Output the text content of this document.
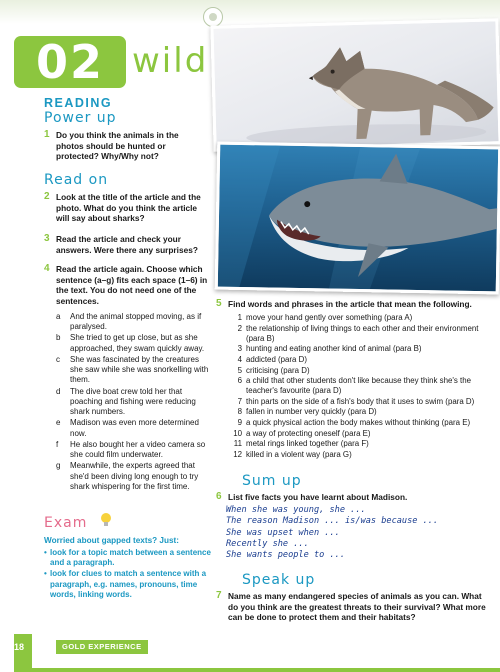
02 wild
READING
Power up
1 Do you think the animals in the photos should be hunted or protected? Why/Why not?
Read on
2 Look at the title of the article and the photo. What do you think the article will say about sharks?
3 Read the article and check your answers. Were there any surprises?
4 Read the article again. Choose which sentence (a–g) fits each space (1–6) in the text. You do not need one of the sentences.
a And the animal stopped moving, as if paralysed.
b She tried to get up close, but as she approached, they swam quickly away.
c She was fascinated by the creatures she saw while she was snorkelling with them.
d The dive boat crew told her that poaching and fishing were reducing shark numbers.
e Madison was even more determined now.
f He also bought her a video camera so she could film underwater.
g Meanwhile, the experts agreed that she'd been diving long enough to try shark whispering for the first time.
Exam
Worried about gapped texts? Just:
• look for a topic match between a sentence and a paragraph.
• look for clues to match a sentence with a paragraph, e.g. names, pronouns, time words, linking words.
5 Find words and phrases in the article that mean the following.
1 move your hand gently over something (para A)
2 the relationship of living things to each other and their environment (para B)
3 hunting and eating another kind of animal (para B)
4 addicted (para D)
5 criticising (para D)
6 a child that other students don't like because they think she's the teacher's favourite (para D)
7 thin parts on the side of a fish's body that it uses to swim (para D)
8 fallen in number very quickly (para D)
9 a quick physical action the body makes without thinking (para E)
10 a way of protecting oneself (para E)
11 metal rings linked together (para F)
12 killed in a violent way (para G)
Sum up
6 List five facts you have learnt about Madison.
When she was young, she ...
The reason Madison ... is/was because ...
She was upset when ...
Recently she ...
She wants people to ...
Speak up
7 Name as many endangered species of animals as you can. What do you think are the greatest threats to their survival? What more can be done to protect them and their habitats?
18	GOLD EXPERIENCE
